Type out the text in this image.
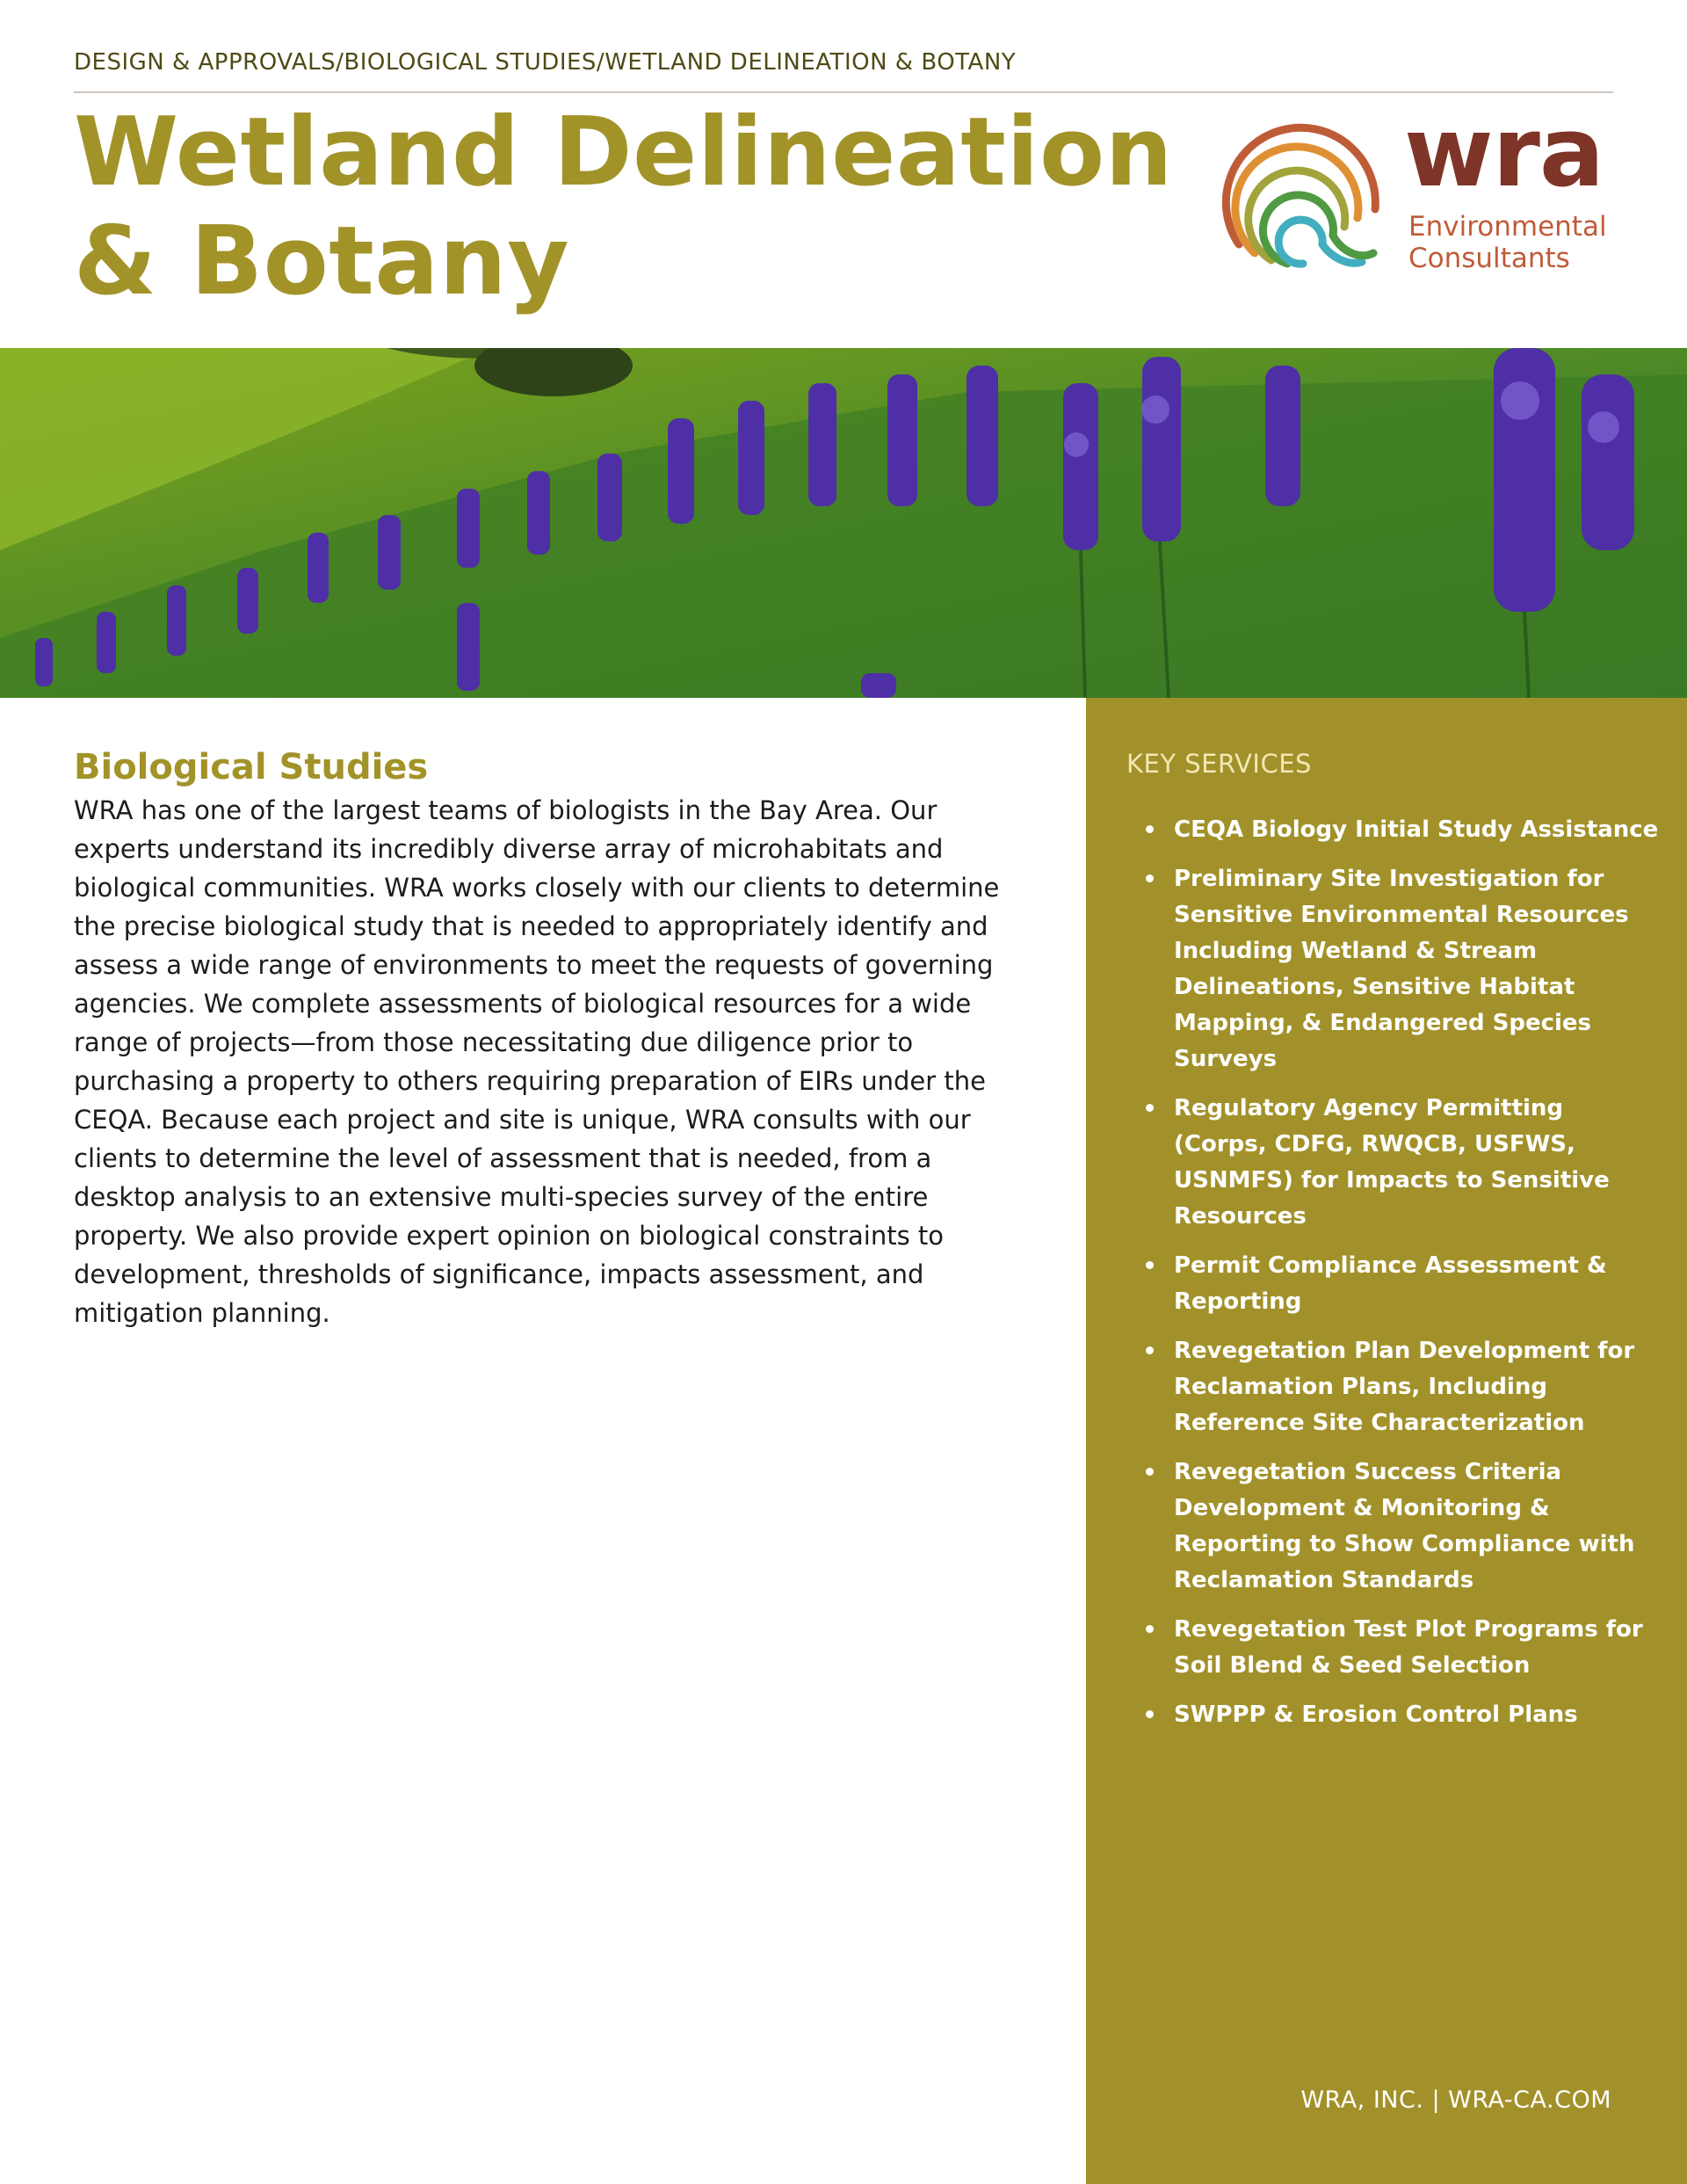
DESIGN & APPROVALS/BIOLOGICAL STUDIES/WETLAND DELINEATION & BOTANY
Wetland Delineation
& Botany
wra
Environmental
Consultants
Biological Studies

WRA has one of the largest teams of biologists in the Bay Area. Our experts understand its incredibly diverse array of microhabitats and biological communities. WRA works closely with our clients to determine the precise biological study that is needed to appropriately identify and assess a wide range of environments to meet the requests of governing agencies. We complete assessments of biological resources for a wide range of projects—from those necessitating due diligence prior to purchasing a property to others requiring preparation of EIRs under the CEQA. Because each project and site is unique, WRA consults with our clients to determine the level of assessment that is needed, from a desktop analysis to an extensive multi-species survey of the entire property. We also provide expert opinion on biological constraints to development, thresholds of significance, impacts assessment, and mitigation planning.

KEY SERVICES
CEQA Biology Initial Study Assistance
Preliminary Site Investigation for Sensitive Environmental Resources Including Wetland & Stream Delineations, Sensitive Habitat Mapping, & Endangered Species Surveys
Regulatory Agency Permitting (Corps, CDFG, RWQCB, USFWS, USNMFS) for Impacts to Sensitive Resources
Permit Compliance Assessment & Reporting
Revegetation Plan Development for Reclamation Plans, Including Reference Site Characterization
Revegetation Success Criteria Development & Monitoring & Reporting to Show Compliance with Reclamation Standards
Revegetation Test Plot Programs for Soil Blend & Seed Selection
SWPPP & Erosion Control Plans
WRA, INC. | WRA-CA.COM
